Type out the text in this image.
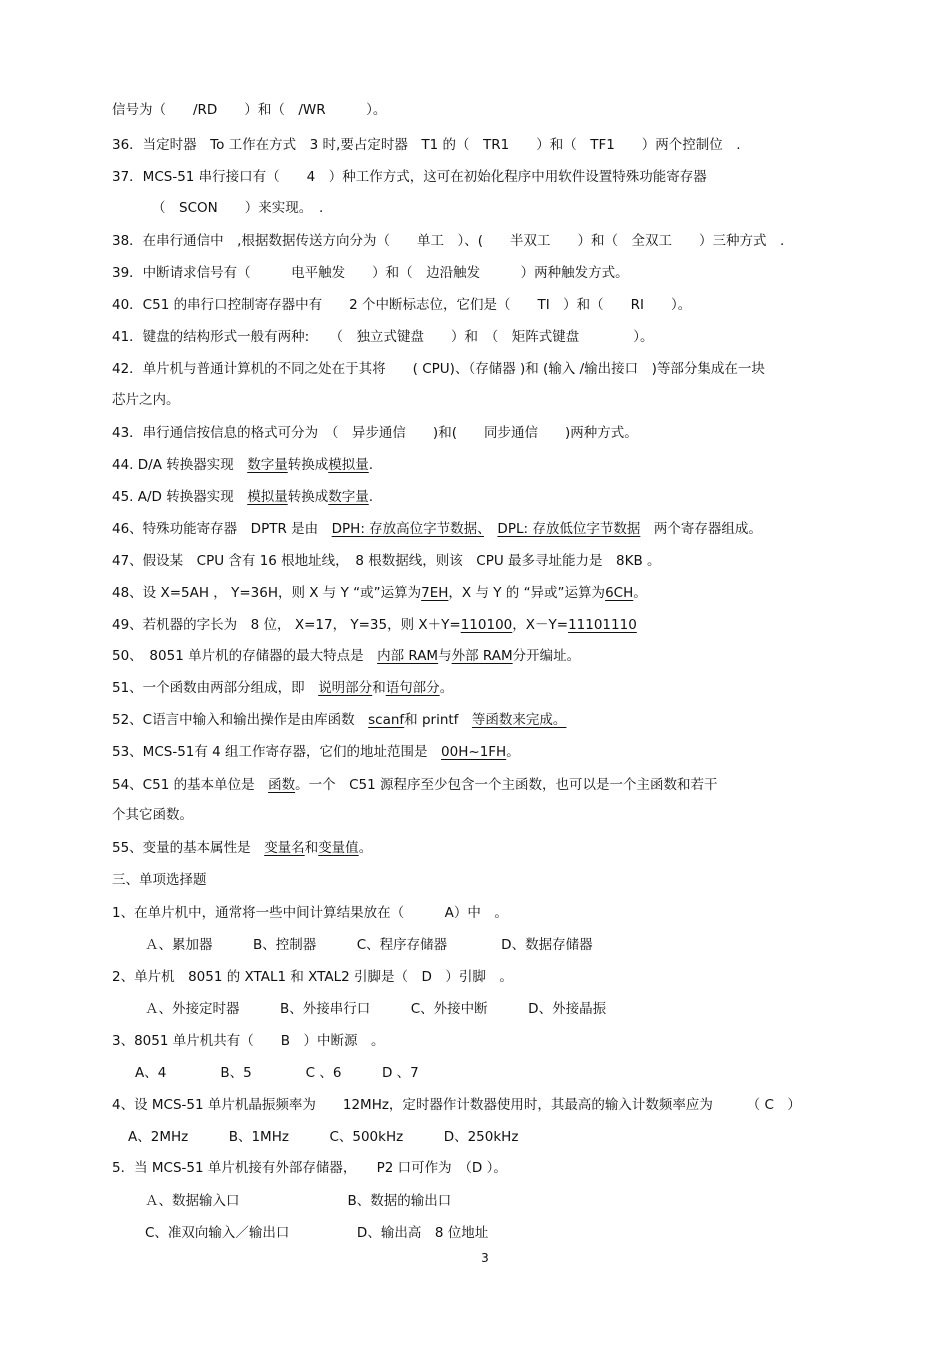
信号为（　　/RD　　）和（　/WR　　　）。
36．当定时器　To 工作在方式　3 时,要占定时器　T1 的（　TR1　　）和（　TF1　　）两个控制位　.
37．MCS-51 串行接口有（　　4　）种工作方式，这可在初始化程序中用软件设置特殊功能寄存器
（　SCON　　）来实现。　.
38．在串行通信中　,根据数据传送方向分为（　　单工　）、(　　半双工　　）和（　全双工　　）三种方式　.
39．中断请求信号有（　　　电平触发　　）和（　边沿触发　　　）两种触发方式。
40．C51 的串行口控制寄存器中有　　2 个中断标志位，它们是（　　TI　）和（　　RI　　）。
41．键盘的结构形式一般有两种:　　（　独立式键盘　　）和　（　矩阵式键盘　　　　）。
42．单片机与普通计算机的不同之处在于其将　　( CPU)、（存储器 )和 (输入 /输出接口　)等部分集成在一块
芯片之内。
43．串行通信按信息的格式可分为　（　异步通信　　)和(　　同步通信　　)两种方式。
44. D/A 转换器实现　 数字量转换成模拟量.
45. A/D 转换器实现　 模拟量转换成数字量.
46、特殊功能寄存器　DPTR 是由　 DPH: 存放高位字节数据、　 DPL: 存放低位字节数据　 两个寄存器组成。
47、假设某　CPU 含有 16 根地址线，　8 根数据线，则该　CPU 最多寻址能力是　8KB 。
48、设 X=5AH ， Y=36H，则 X 与 Y “或”运算为7EH，X 与 Y 的 “异或”运算为6CH。
49、若机器的字长为　8 位， X=17， Y=35，则 X＋Y=110100，X－Y=11101110
50、　8051 单片机的存储器的最大特点是　 内部 RAM与外部 RAM分开编址。
51、一个函数由两部分组成，即　 说明部分和语句部分。
52、C语言中输入和输出操作是由库函数　 scanf和 printf　 等函数来完成。
53、MCS-51有 4 组工作寄存器，它们的地址范围是　 00H~1FH。
54、C51 的基本单位是　 函数。一个　C51 源程序至少包含一个主函数，也可以是一个主函数和若干
个其它函数。
55、变量的基本属性是　 变量名和变量值。
三、单项选择题
1、在单片机中，通常将一些中间计算结果放在（　　　A）中　。
Ａ、累加器　　　B、控制器　　　C、程序存储器　　　　D、数据存储器
2、单片机　8051 的 XTAL1 和 XTAL2 引脚是（　D　）引脚　。
Ａ、外接定时器　　　B、外接串行口　　　C、外接中断　　　D、外接晶振
3、8051 单片机共有（　　B　）中断源　。
A、4　　　　B、5　　　　C 、6　　　D 、7
4、设 MCS-51 单片机晶振频率为　　12MHz，定时器作计数器使用时，其最高的输入计数频率应为　　　（ C　）
A、2MHz　　　B、1MHz　　　C、500kHz　　　D、250kHz
5．当 MCS-51 单片机接有外部存储器，　　P2 口可作为　（D ）。
Ａ、数据输入口　　　　　　　　B、数据的输出口
C、准双向输入／输出口　　　　　D、输出高　8 位地址
3
